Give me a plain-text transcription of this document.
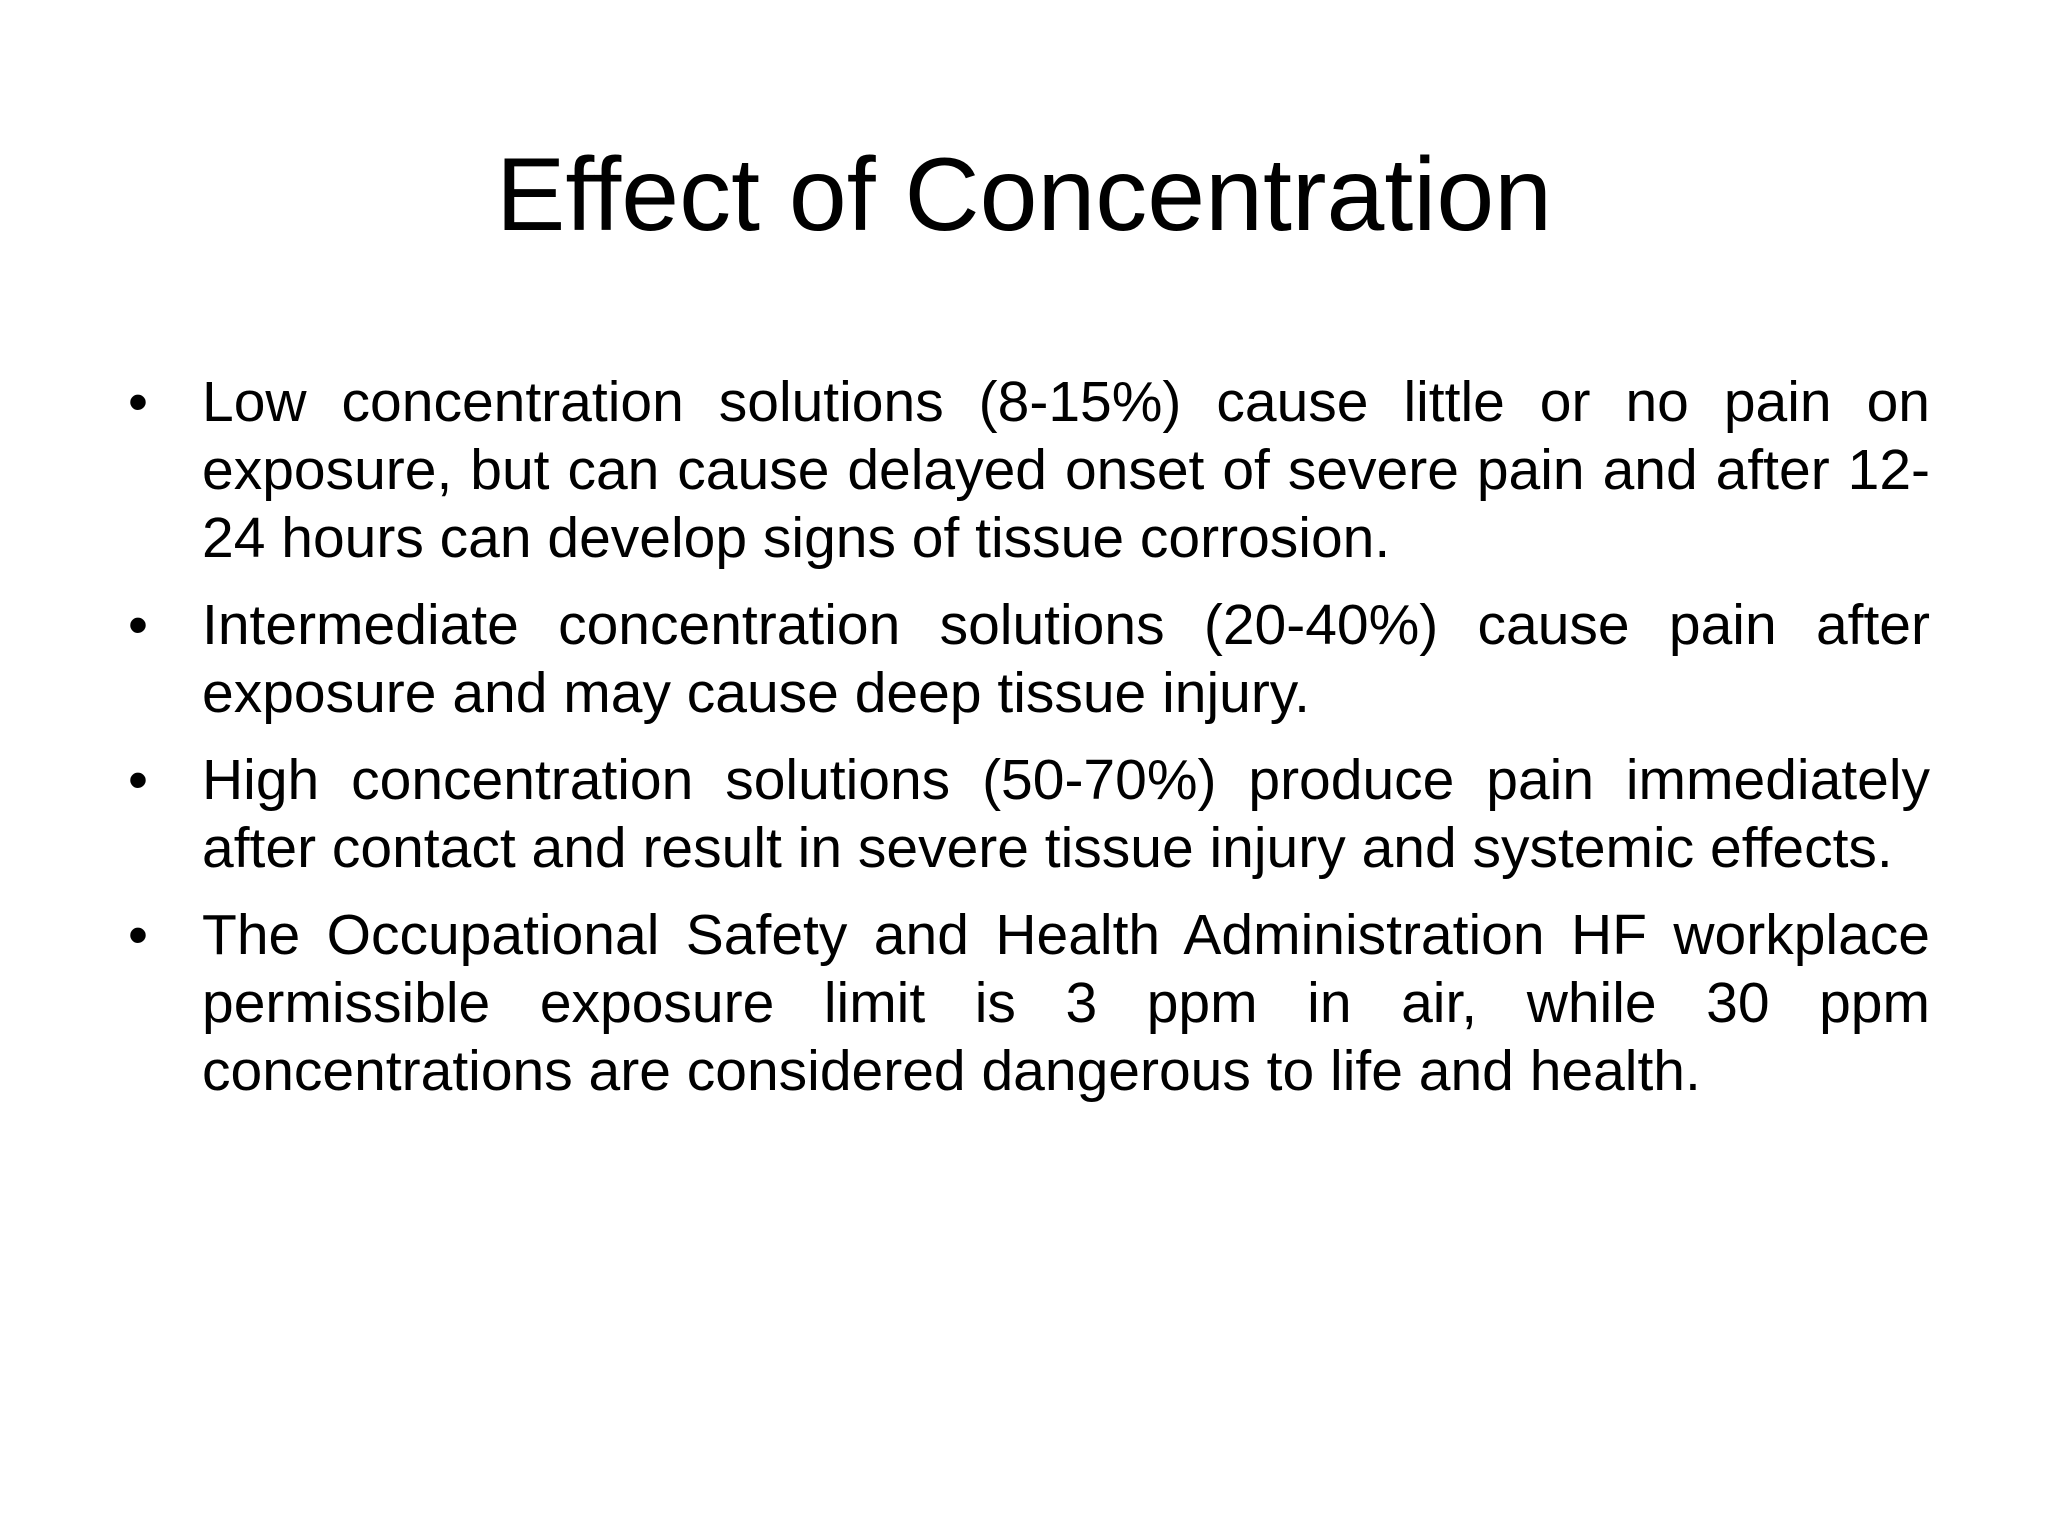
Effect of Concentration
• Low concentration solutions (8-15%) cause little or no pain on exposure, but can cause delayed onset of severe pain and after 12-24 hours can develop signs of tissue corrosion.
• Intermediate concentration solutions (20-40%) cause pain after exposure and may cause deep tissue injury.
• High concentration solutions (50-70%) produce pain immediately after contact and result in severe tissue injury and systemic effects.
• The Occupational Safety and Health Administration HF workplace permissible exposure limit is 3 ppm in air, while 30 ppm concentrations are considered dangerous to life and health.
